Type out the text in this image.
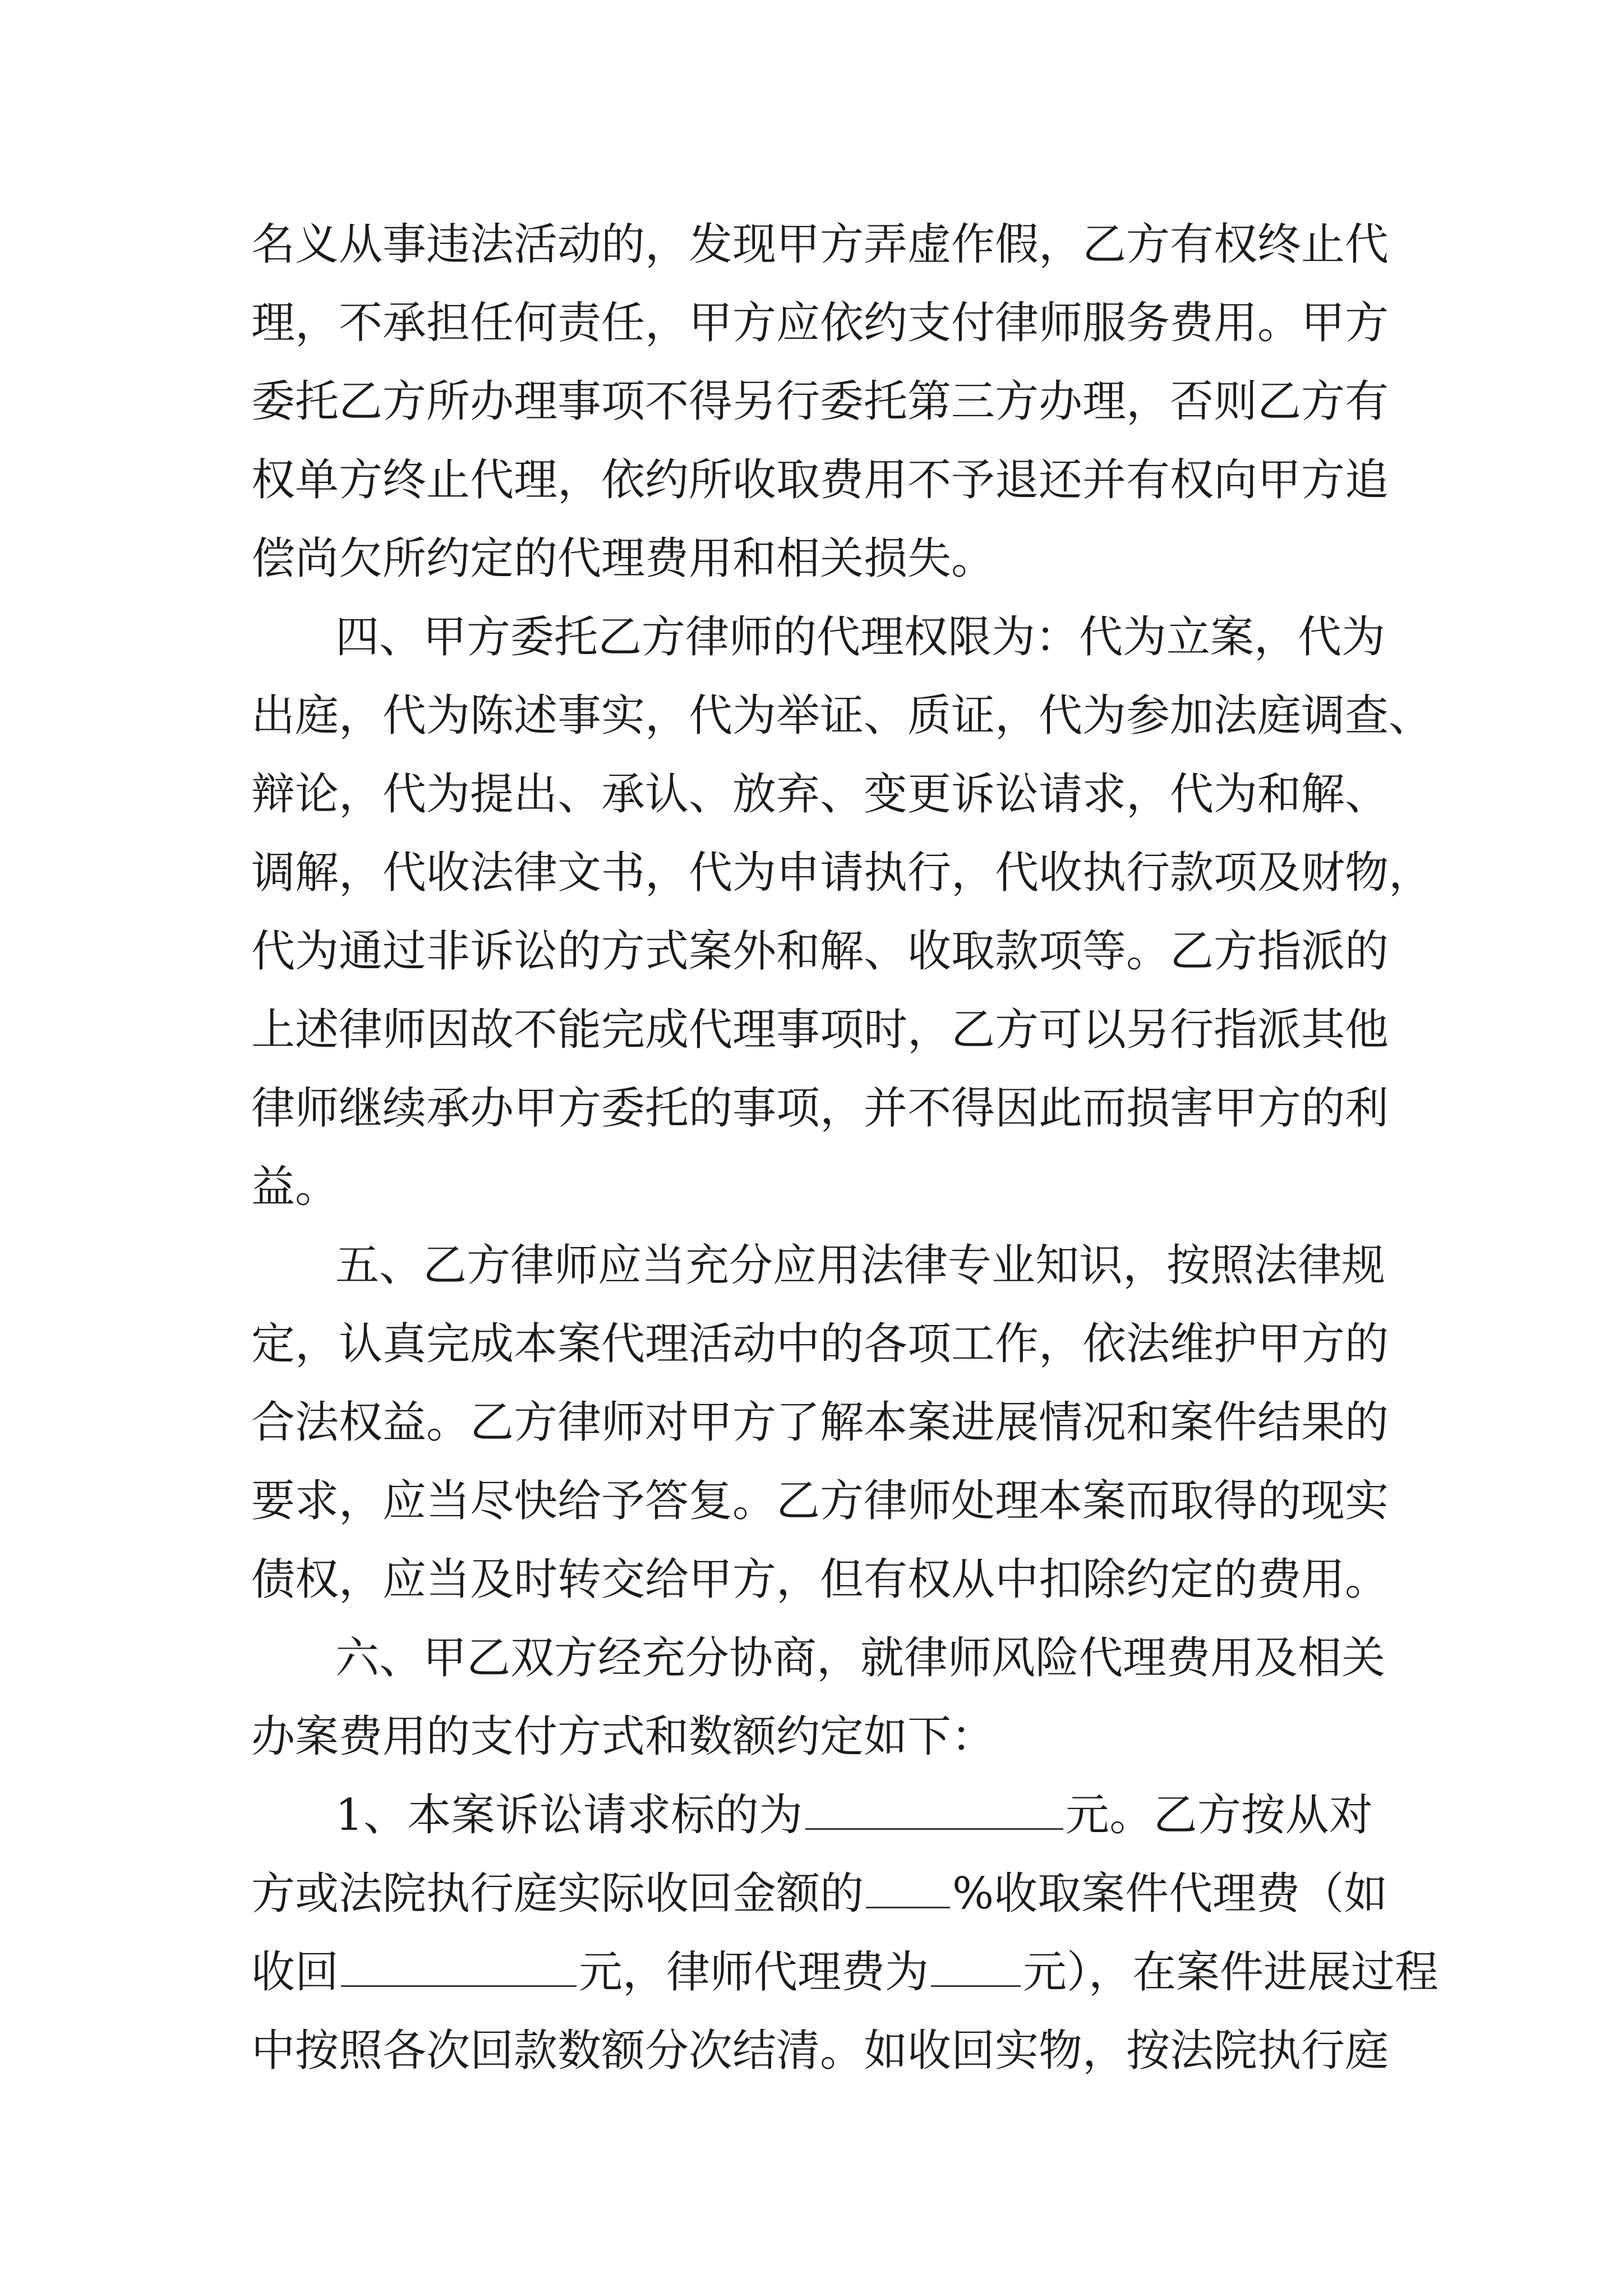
名义从事违法活动的，发现甲方弄虚作假，乙方有权终止代
理，不承担任何责任，甲方应依约支付律师服务费用。甲方
委托乙方所办理事项不得另行委托第三方办理，否则乙方有
权单方终止代理，依约所收取费用不予退还并有权向甲方追
偿尚欠所约定的代理费用和相关损失。
四、甲方委托乙方律师的代理权限为：代为立案，代为
出庭，代为陈述事实，代为举证、质证，代为参加法庭调查、
辩论，代为提出、承认、放弃、变更诉讼请求，代为和解、
调解，代收法律文书，代为申请执行，代收执行款项及财物，
代为通过非诉讼的方式案外和解、收取款项等。乙方指派的
上述律师因故不能完成代理事项时，乙方可以另行指派其他
律师继续承办甲方委托的事项，并不得因此而损害甲方的利
益。
五、乙方律师应当充分应用法律专业知识，按照法律规
定，认真完成本案代理活动中的各项工作，依法维护甲方的
合法权益。乙方律师对甲方了解本案进展情况和案件结果的
要求，应当尽快给予答复。乙方律师处理本案而取得的现实
债权，应当及时转交给甲方，但有权从中扣除约定的费用。
六、甲乙双方经充分协商，就律师风险代理费用及相关
办案费用的支付方式和数额约定如下：
1、本案诉讼请求标的为	元。乙方按从对
方或法院执行庭实际收回金额的 %收取案件代理费（如
收回	元，律师代理费为 元），在案件进展过程
中按照各次回款数额分次结清。如收回实物，按法院执行庭
